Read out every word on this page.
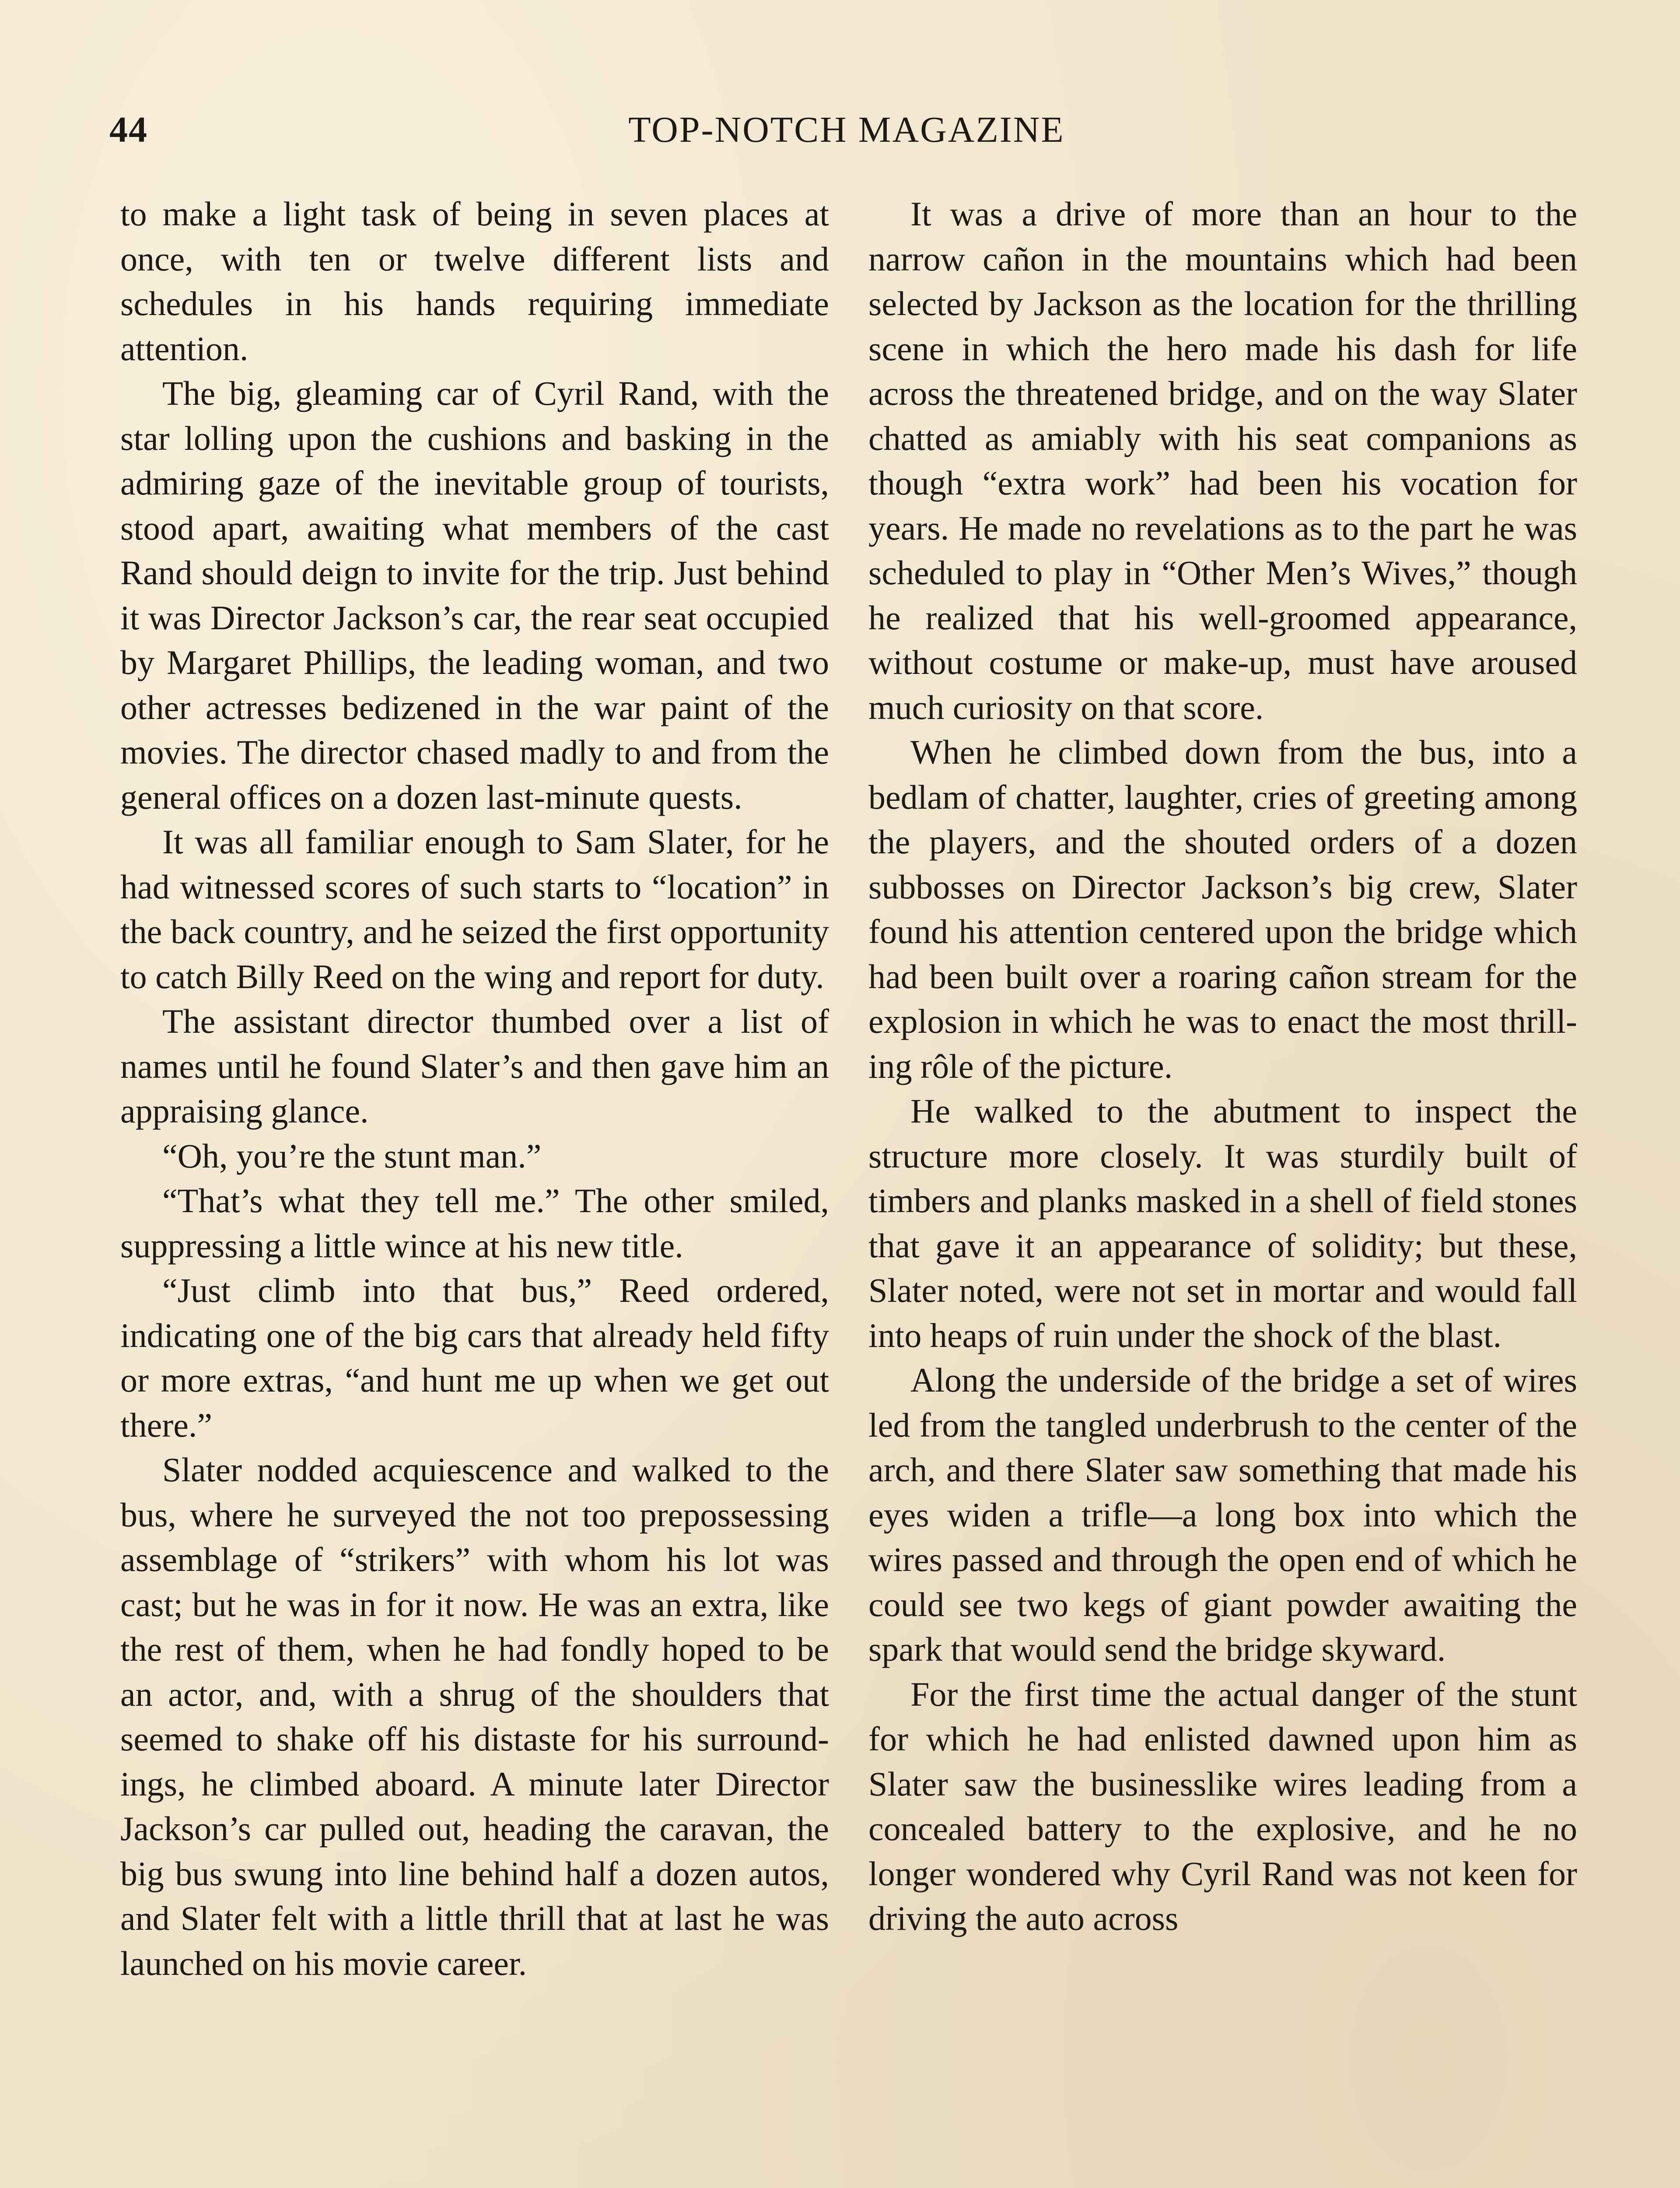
44	TOP-NOTCH MAGAZINE

to make a light task of being in seven places at once, with ten or twelve different lists and schedules in his hands requiring immediate attention.

The big, gleaming car of Cyril Rand, with the star lolling upon the cushions and basking in the admiring gaze of the inevitable group of tourists, stood apart, awaiting what members of the cast Rand should deign to invite for the trip. Just behind it was Director Jackson’s car, the rear seat occupied by Margaret Phillips, the leading woman, and two other actresses bedizened in the war paint of the movies. The director chased madly to and from the general offices on a dozen last-minute quests.

It was all familiar enough to Sam Slater, for he had witnessed scores of such starts to “location” in the back country, and he seized the first opportunity to catch Billy Reed on the wing and report for duty.

The assistant director thumbed over a list of names until he found Slater’s and then gave him an appraising glance.

“Oh, you’re the stunt man.”

“That’s what they tell me.” The other smiled, suppressing a little wince at his new title.

“Just climb into that bus,” Reed ordered, indicating one of the big cars that already held fifty or more extras, “and hunt me up when we get out there.”

Slater nodded acquiescence and walked to the bus, where he surveyed the not too prepossessing assemblage of “strikers” with whom his lot was cast; but he was in for it now. He was an extra, like the rest of them, when he had fondly hoped to be an actor, and, with a shrug of the shoulders that seemed to shake off his distaste for his surroundings, he climbed aboard. A minute later Director Jackson’s car pulled out, heading the caravan, the big bus swung into line behind half a dozen autos, and Slater felt with a little thrill that at last he was launched on his movie career.

It was a drive of more than an hour to the narrow cañon in the mountains which had been selected by Jackson as the location for the thrilling scene in which the hero made his dash for life across the threatened bridge, and on the way Slater chatted as amiably with his seat companions as though “extra work” had been his vocation for years. He made no revelations as to the part he was scheduled to play in “Other Men’s Wives,” though he realized that his well-groomed appearance, without costume or make-up, must have aroused much curiosity on that score.

When he climbed down from the bus, into a bedlam of chatter, laughter, cries of greeting among the players, and the shouted orders of a dozen subbosses on Director Jackson’s big crew, Slater found his attention centered upon the bridge which had been built over a roaring cañon stream for the explosion in which he was to enact the most thrilling rôle of the picture.

He walked to the abutment to inspect the structure more closely. It was sturdily built of timbers and planks masked in a shell of field stones that gave it an appearance of solidity; but these, Slater noted, were not set in mortar and would fall into heaps of ruin under the shock of the blast.

Along the underside of the bridge a set of wires led from the tangled underbrush to the center of the arch, and there Slater saw something that made his eyes widen a trifle—a long box into which the wires passed and through the open end of which he could see two kegs of giant powder awaiting the spark that would send the bridge skyward.

For the first time the actual danger of the stunt for which he had enlisted dawned upon him as Slater saw the businesslike wires leading from a concealed battery to the explosive, and he no longer wondered why Cyril Rand was not keen for driving the auto across
